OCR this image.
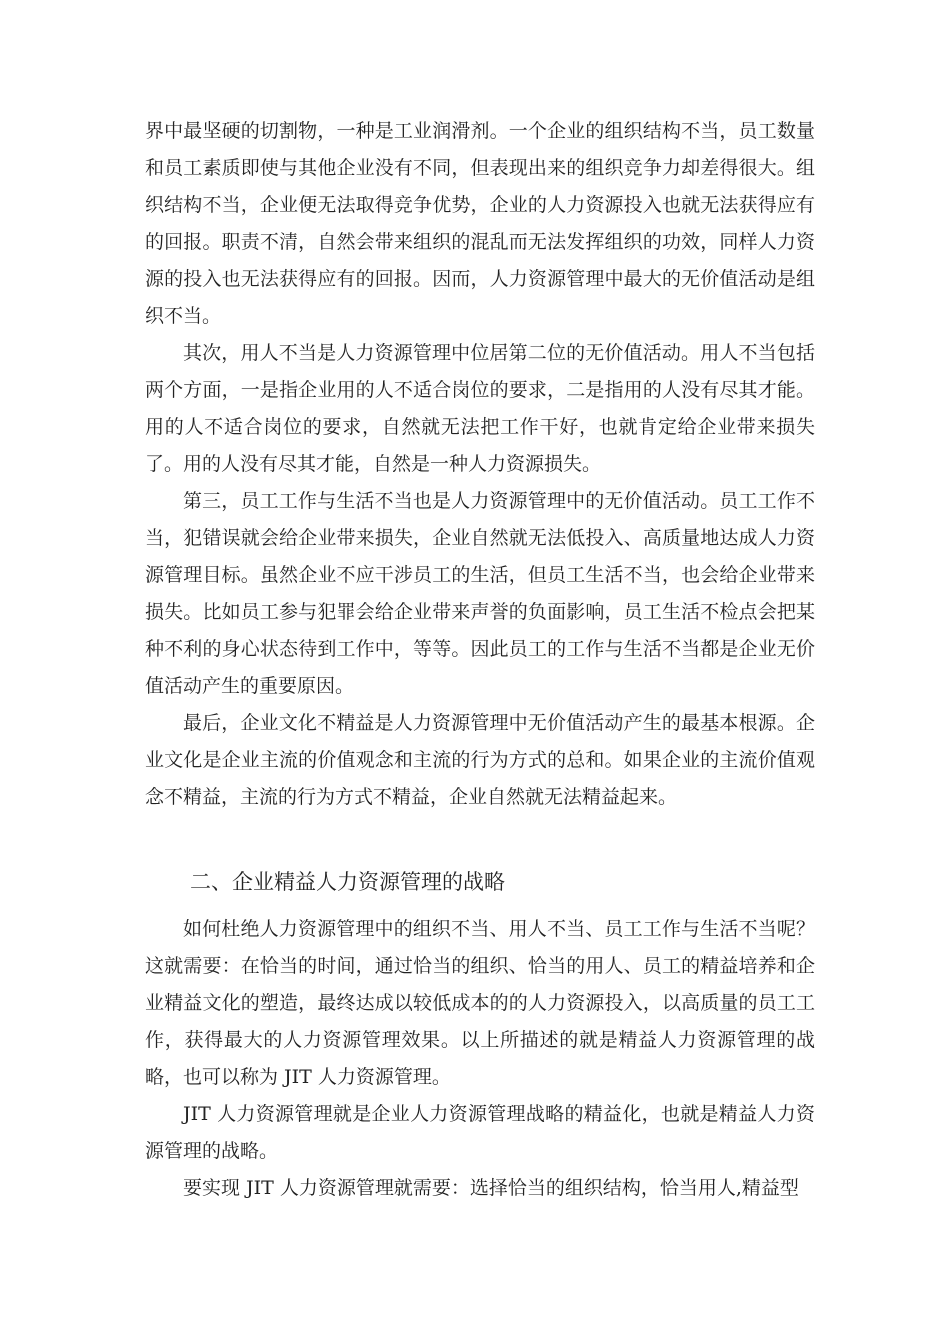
界中最坚硬的切割物，一种是工业润滑剂。一个企业的组织结构不当，员工数量和员工素质即使与其他企业没有不同，但表现出来的组织竞争力却差得很大。组织结构不当，企业便无法取得竞争优势，企业的人力资源投入也就无法获得应有的回报。职责不清，自然会带来组织的混乱而无法发挥组织的功效，同样人力资源的投入也无法获得应有的回报。因而，人力资源管理中最大的无价值活动是组织不当。

其次，用人不当是人力资源管理中位居第二位的无价值活动。用人不当包括两个方面，一是指企业用的人不适合岗位的要求，二是指用的人没有尽其才能。用的人不适合岗位的要求，自然就无法把工作干好，也就肯定给企业带来损失了。用的人没有尽其才能，自然是一种人力资源损失。

第三，员工工作与生活不当也是人力资源管理中的无价值活动。员工工作不当，犯错误就会给企业带来损失，企业自然就无法低投入、高质量地达成人力资源管理目标。虽然企业不应干涉员工的生活，但员工生活不当，也会给企业带来损失。比如员工参与犯罪会给企业带来声誉的负面影响，员工生活不检点会把某种不利的身心状态待到工作中，等等。因此员工的工作与生活不当都是企业无价值活动产生的重要原因。

最后，企业文化不精益是人力资源管理中无价值活动产生的最基本根源。企业文化是企业主流的价值观念和主流的行为方式的总和。如果企业的主流价值观念不精益，主流的行为方式不精益，企业自然就无法精益起来。

二、企业精益人力资源管理的战略

如何杜绝人力资源管理中的组织不当、用人不当、员工工作与生活不当呢？这就需要：在恰当的时间，通过恰当的组织、恰当的用人、员工的精益培养和企业精益文化的塑造，最终达成以较低成本的的人力资源投入，以高质量的员工工作，获得最大的人力资源管理效果。以上所描述的就是精益人力资源管理的战略，也可以称为 JIT 人力资源管理。

JIT 人力资源管理就是企业人力资源管理战略的精益化，也就是精益人力资源管理的战略。

要实现 JIT 人力资源管理就需要：选择恰当的组织结构，恰当用人,精益型
